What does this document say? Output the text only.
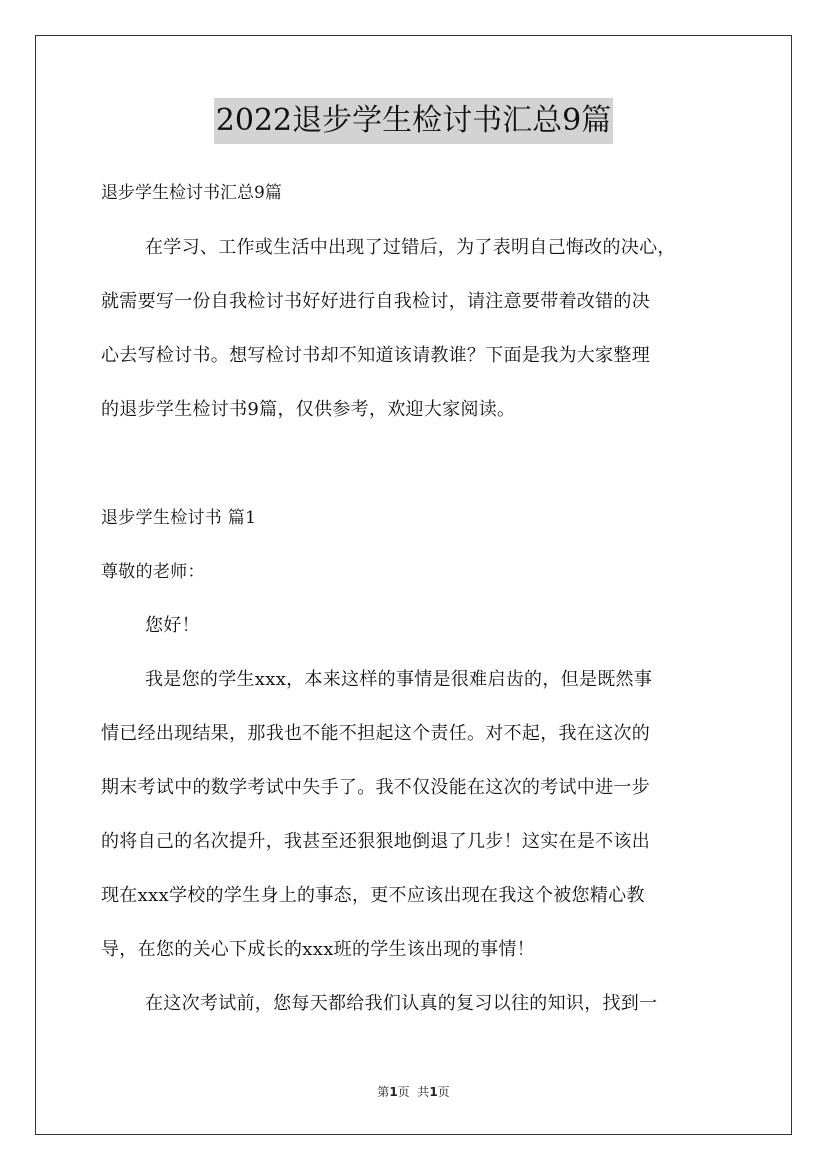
2022退步学生检讨书汇总9篇
退步学生检讨书汇总9篇
在学习、工作或生活中出现了过错后，为了表明自己悔改的决心，
就需要写一份自我检讨书好好进行自我检讨，请注意要带着改错的决
心去写检讨书。想写检讨书却不知道该请教谁？下面是我为大家整理
的退步学生检讨书9篇，仅供参考，欢迎大家阅读。
退步学生检讨书 篇1
尊敬的老师：
您好！
我是您的学生xxx，本来这样的事情是很难启齿的，但是既然事
情已经出现结果，那我也不能不担起这个责任。对不起，我在这次的
期末考试中的数学考试中失手了。我不仅没能在这次的考试中进一步
的将自己的名次提升，我甚至还狠狠地倒退了几步！这实在是不该出
现在xxx学校的学生身上的事态，更不应该出现在我这个被您精心教
导，在您的关心下成长的xxx班的学生该出现的事情！
在这次考试前，您每天都给我们认真的复习以往的知识，找到一
第1页  共1页
